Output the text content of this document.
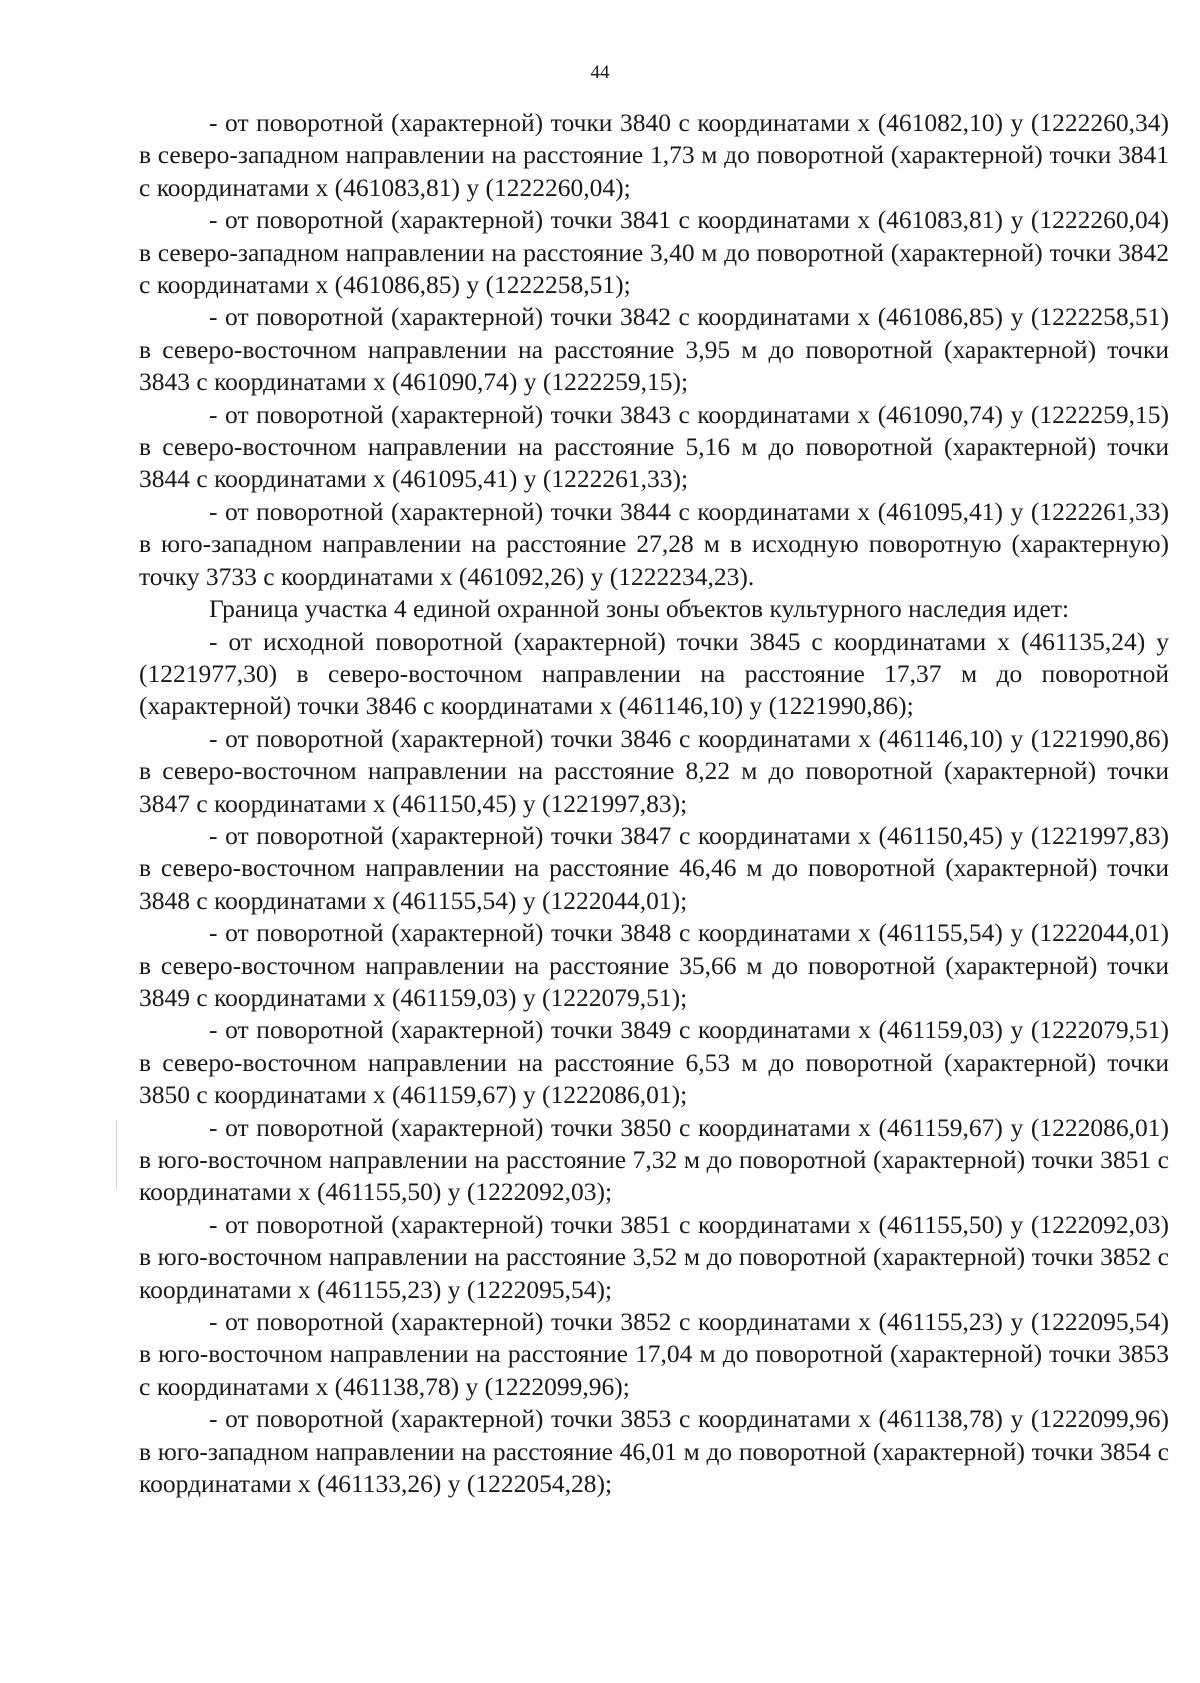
44

- от поворотной (характерной) точки 3840 с координатами x (461082,10) y (1222260,34) в северо-западном направлении на расстояние 1,73 м до поворотной (характерной) точки 3841 с координатами x (461083,81) y (1222260,04);

- от поворотной (характерной) точки 3841 с координатами x (461083,81) y (1222260,04) в северо-западном направлении на расстояние 3,40 м до поворотной (характерной) точки 3842 с координатами x (461086,85) y (1222258,51);

- от поворотной (характерной) точки 3842 с координатами x (461086,85) y (1222258,51) в северо-восточном направлении на расстояние 3,95 м до поворотной (характерной) точки 3843 с координатами x (461090,74) y (1222259,15);

- от поворотной (характерной) точки 3843 с координатами x (461090,74) y (1222259,15) в северо-восточном направлении на расстояние 5,16 м до поворотной (характерной) точки 3844 с координатами x (461095,41) y (1222261,33);

- от поворотной (характерной) точки 3844 с координатами x (461095,41) y (1222261,33) в юго-западном направлении на расстояние 27,28 м в исходную поворотную (характерную) точку 3733 с координатами x (461092,26) y (1222234,23).

Граница участка 4 единой охранной зоны объектов культурного наследия идет:

- от исходной поворотной (характерной) точки 3845 с координатами x (461135,24) y (1221977,30) в северо-восточном направлении на расстояние 17,37 м до поворотной (характерной) точки 3846 с координатами x (461146,10) y (1221990,86);

- от поворотной (характерной) точки 3846 с координатами x (461146,10) y (1221990,86) в северо-восточном направлении на расстояние 8,22 м до поворотной (характерной) точки 3847 с координатами x (461150,45) y (1221997,83);

- от поворотной (характерной) точки 3847 с координатами x (461150,45) y (1221997,83) в северо-восточном направлении на расстояние 46,46 м до поворотной (характерной) точки 3848 с координатами x (461155,54) y (1222044,01);

- от поворотной (характерной) точки 3848 с координатами x (461155,54) y (1222044,01) в северо-восточном направлении на расстояние 35,66 м до поворотной (характерной) точки 3849 с координатами x (461159,03) y (1222079,51);

- от поворотной (характерной) точки 3849 с координатами x (461159,03) y (1222079,51) в северо-восточном направлении на расстояние 6,53 м до поворотной (характерной) точки 3850 с координатами x (461159,67) y (1222086,01);

- от поворотной (характерной) точки 3850 с координатами x (461159,67) y (1222086,01) в юго-восточном направлении на расстояние 7,32 м до поворотной (характерной) точки 3851 с координатами x (461155,50) y (1222092,03);

- от поворотной (характерной) точки 3851 с координатами x (461155,50) y (1222092,03) в юго-восточном направлении на расстояние 3,52 м до поворотной (характерной) точки 3852 с координатами x (461155,23) y (1222095,54);

- от поворотной (характерной) точки 3852 с координатами x (461155,23) y (1222095,54) в юго-восточном направлении на расстояние 17,04 м до поворотной (характерной) точки 3853 с координатами x (461138,78) y (1222099,96);

- от поворотной (характерной) точки 3853 с координатами x (461138,78) y (1222099,96) в юго-западном направлении на расстояние 46,01 м до поворотной (характерной) точки 3854 с координатами x (461133,26) y (1222054,28);
